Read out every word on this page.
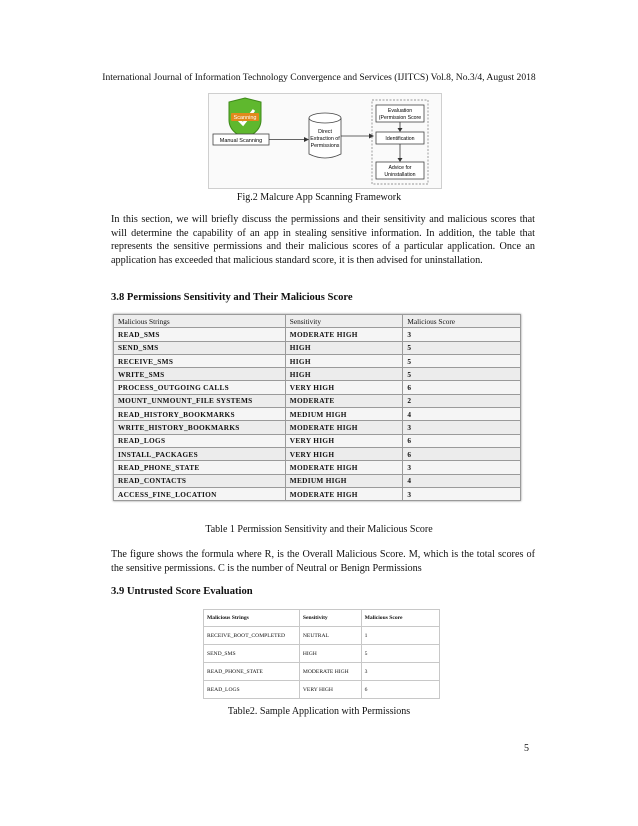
International Journal of Information Technology Convergence and Services (IJITCS) Vol.8, No.3/4, August 2018
Scanning
Manual Scanning
Direct
Extraction of
Permissions
Evaluation
(Permission Score
Identification
Advice for
Uninstallation
Fig.2 Malcure App Scanning Framework

In this section, we will briefly discuss the permissions and their sensitivity and malicious scores that will determine the capability of an app in stealing sensitive information. In addition, the table that represents the sensitive permissions and their malicious scores of a particular application. Once an application has exceeded that malicious standard score, it is then advised for uninstallation.

3.8 Permissions Sensitivity and Their Malicious Score
Malicious Strings	Sensitivity	Malicious Score
READ_SMS	MODERATE HIGH	3
SEND_SMS	HIGH	5
RECEIVE_SMS	HIGH	5
WRITE_SMS	HIGH	5
PROCESS_OUTGOING CALLS	VERY HIGH	6
MOUNT_UNMOUNT_FILE SYSTEMS	MODERATE	2
READ_HISTORY_BOOKMARKS	MEDIUM HIGH	4
WRITE_HISTORY_BOOKMARKS	MODERATE HIGH	3
READ_LOGS	VERY HIGH	6
INSTALL_PACKAGES	VERY HIGH	6
READ_PHONE_STATE	MODERATE HIGH	3
READ_CONTACTS	MEDIUM HIGH	4
ACCESS_FINE_LOCATION	MODERATE HIGH	3
Table 1 Permission Sensitivity and their Malicious Score

The figure shows the formula where R, is the Overall Malicious Score. M, which is the total scores of the sensitive permissions. C is the number of Neutral or Benign Permissions

3.9 Untrusted Score Evaluation
Malicious Strings	Sensitivity	Malicious Score
RECEIVE_BOOT_COMPLETED	NEUTRAL	1
SEND_SMS	HIGH	5
READ_PHONE_STATE	MODERATE HIGH	3
READ_LOGS	VERY HIGH	6
Table2. Sample Application with Permissions
5
